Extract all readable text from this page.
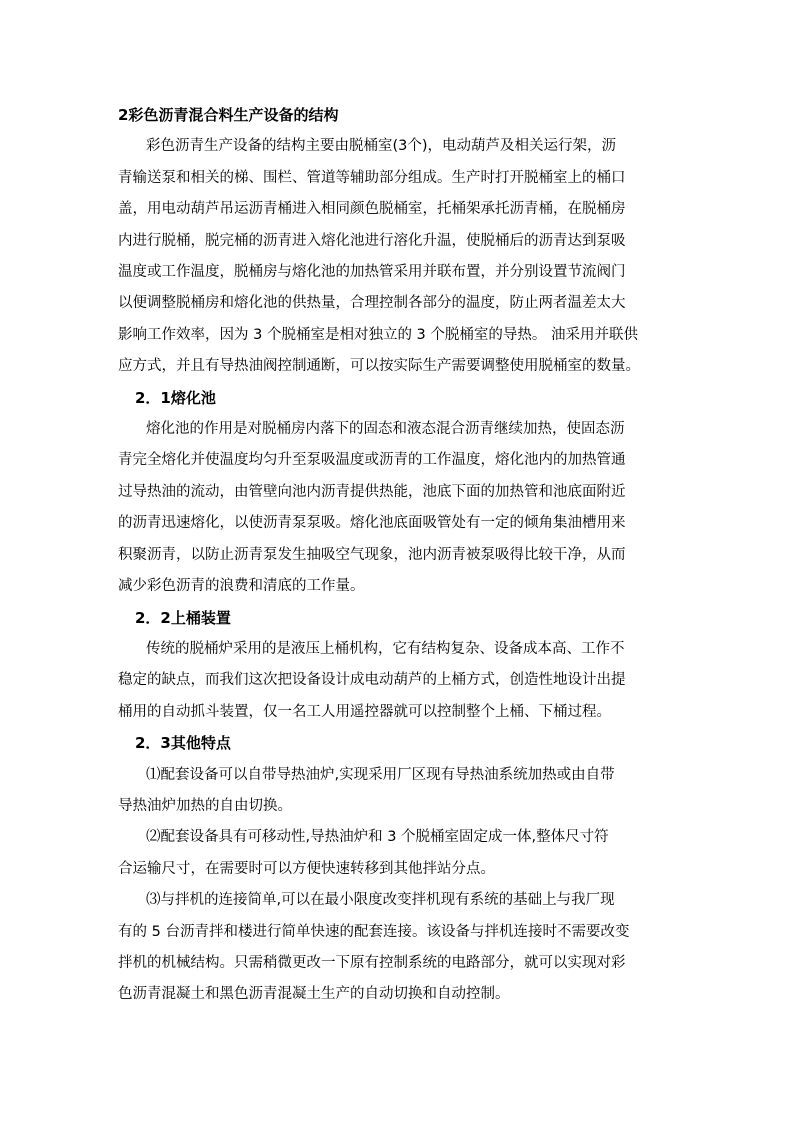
2彩色沥青混合料生产设备的结构

彩色沥青生产设备的结构主要由脱桶室(3个)，电动葫芦及相关运行架，沥
青输送泵和相关的梯、围栏、管道等辅助部分组成。生产时打开脱桶室上的桶口
盖，用电动葫芦吊运沥青桶进入相同颜色脱桶室，托桶架承托沥青桶，在脱桶房
内进行脱桶，脱完桶的沥青进入熔化池进行溶化升温，使脱桶后的沥青达到泵吸
温度或工作温度，脱桶房与熔化池的加热管采用并联布置，并分别设置节流阀门
以便调整脱桶房和熔化池的供热量，合理控制各部分的温度，防止两者温差太大
影响工作效率，因为 3 个脱桶室是相对独立的 3 个脱桶室的导热。 油采用并联供
应方式，并且有导热油阀控制通断，可以按实际生产需要调整使用脱桶室的数量。

2．1熔化池

熔化池的作用是对脱桶房内落下的固态和液态混合沥青继续加热，使固态沥
青完全熔化并使温度均匀升至泵吸温度或沥青的工作温度，熔化池内的加热管通
过导热油的流动，由管壁向池内沥青提供热能，池底下面的加热管和池底面附近
的沥青迅速熔化，以使沥青泵泵吸。熔化池底面吸管处有一定的倾角集油槽用来
积聚沥青，以防止沥青泵发生抽吸空气现象，池内沥青被泵吸得比较干净，从而
减少彩色沥青的浪费和清底的工作量。

2．2上桶装置

传统的脱桶炉采用的是液压上桶机构，它有结构复杂、设备成本高、工作不
稳定的缺点，而我们这次把设备设计成电动葫芦的上桶方式，创造性地设计出提
桶用的自动抓斗装置，仅一名工人用遥控器就可以控制整个上桶、下桶过程。

2．3其他特点

⑴配套设备可以自带导热油炉,实现采用厂区现有导热油系统加热或由自带
导热油炉加热的自由切换。
⑵配套设备具有可移动性,导热油炉和 3 个脱桶室固定成一体,整体尺寸符
合运输尺寸，在需要时可以方便快速转移到其他拌站分点。
⑶与拌机的连接简单,可以在最小限度改变拌机现有系统的基础上与我厂现
有的 5 台沥青拌和楼进行简单快速的配套连接。该设备与拌机连接时不需要改变
拌机的机械结构。只需稍微更改一下原有控制系统的电路部分，就可以实现对彩
色沥青混凝土和黑色沥青混凝土生产的自动切换和自动控制。
